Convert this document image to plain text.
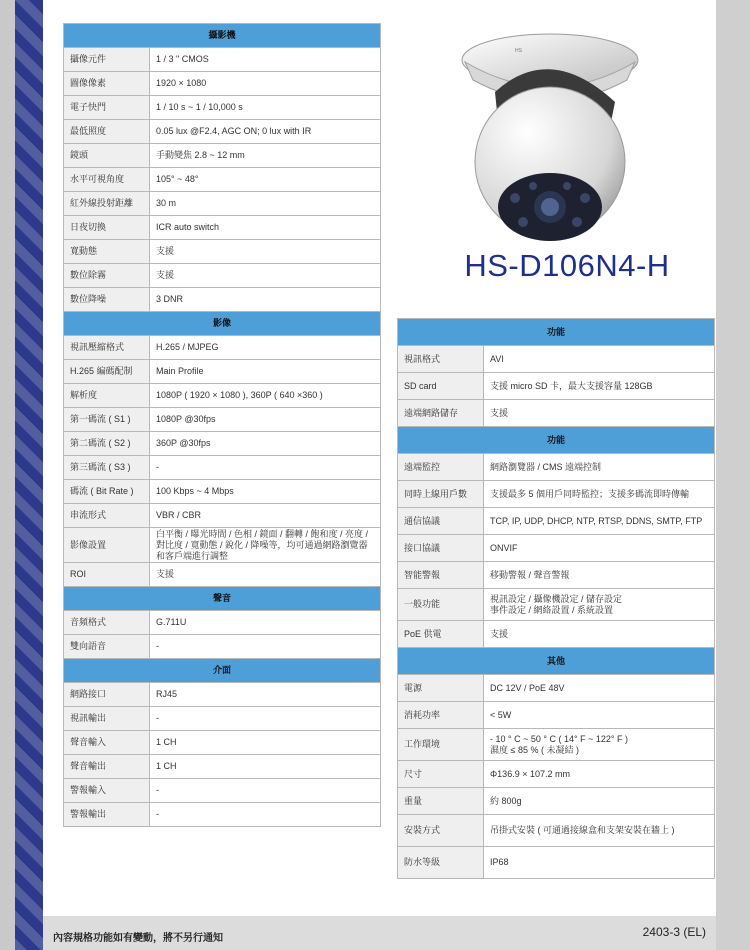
攝影機	
攝像元件	1 / 3 " CMOS
圖像像素	1920 × 1080
電子快門	1 / 10 s ~ 1 / 10,000 s
最低照度	0.05 lux @F2.4, AGC ON; 0 lux with IR
鏡頭	手動變焦 2.8 ~ 12 mm
水平可視角度	105° ~ 48°
紅外線投射距離	30 m
日夜切換	ICR auto switch
寬動態	支援
數位除霧	支援
數位降噪	3 DNR
影像	
視訊壓縮格式	H.265 / MJPEG
H.265 編碼配制	Main Profile
解析度	1080P ( 1920 × 1080 ), 360P ( 640 ×360 )
第一碼流 ( S1 )	1080P @30fps
第二碼流 ( S2 )	360P @30fps
第三碼流 ( S3 )	-
碼流 ( Bit Rate )	100 Kbps ~ 4 Mbps
串流形式	VBR / CBR
影像設置	白平衡 / 曝光時間 / 色相 / 鏡面 / 翻轉 / 飽和度 / 亮度 / 對比度 / 寬動態 / 銳化 / 降噪等，均可通過網路瀏覽器和客戶端進行調整
ROI	支援
聲音	
音頻格式	G.711U
雙向語音	-
介面	
網路接口	RJ45
視訊輸出	-
聲音輸入	1 CH
聲音輸出	1 CH
警報輸入	-
警報輸出	-
HS
HS-D106N4-H
功能	
視訊格式	AVI
SD card	支援 micro SD 卡，最大支援容量 128GB
遠端網路儲存	支援
功能	
遠端監控	網路瀏覽器 / CMS 遠端控制
同時上線用戶數	支援最多 5 個用戶同時監控；支援多碼流即時傳輸
通信協議	TCP, IP, UDP, DHCP, NTP, RTSP, DDNS, SMTP, FTP
接口協議	ONVIF
智能警報	移動警報 / 聲音警報
一般功能	視訊設定 / 攝像機設定 / 儲存設定
事件設定 / 網絡設置 / 系統設置
PoE 供電	支援
其他	
電源	DC 12V / PoE 48V
消耗功率	< 5W
工作環境	- 10 ° C ~ 50 ° C ( 14° F ~ 122° F )
濕度 ≤ 85 % ( 未凝結 )
尺寸	Φ136.9 × 107.2 mm
重量	約 800g
安裝方式	吊掛式安裝 ( 可通過接線盒和支架安裝在牆上 )
防水等級	IP68
內容規格功能如有變動，將不另行通知	2403-3 (EL)
